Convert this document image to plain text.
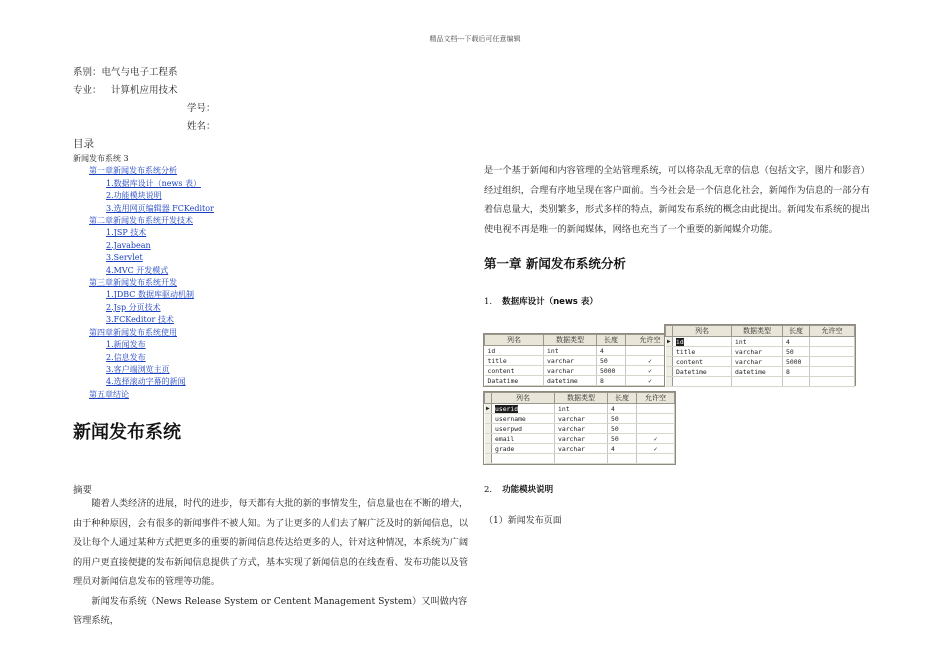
精品文档---下载后可任意编辑
系别：电气与电子工程系
专业： 计算机应用技术
学号：
姓名：
目录
新闻发布系统 3
第一章新闻发布系统分析
1.数据库设计（news 表）
2.功能模块说明
3.选用网页编辑器 FCKeditor
第二章新闻发布系统开发技术
1.JSP 技术
2.Javabean
3.Servlet
4.MVC 开发模式
第三章新闻发布系统开发
1.JDBC 数据库驱动机制
2.Jsp 分页技术
3.FCKeditor 技术
第四章新闻发布系统使用
1.新闻发布
2.信息发布
3.客户端浏览主页
4.选择滚动字幕的新闻
第五章结论
新闻发布系统
摘要

随着人类经济的进展，时代的进步，每天都有大批的新的事情发生，信息量也在不断的增大，由于种种原因，会有很多的新闻事件不被人知。为了让更多的人们去了解广泛及时的新闻信息，以及让每个人通过某种方式把更多的重要的新闻信息传达给更多的人，针对这种情况，本系统为广阔的用户更直接便捷的发布新闻信息提供了方式，基本实现了新闻信息的在线查看、发布功能以及管理员对新闻信息发布的管理等功能。

新闻发布系统（News Release System or Centent Management System）又叫做内容管理系统，

是一个基于新闻和内容管理的全站管理系统，可以将杂乱无章的信息（包括文字，图片和影音）经过组织，合理有序地呈现在客户面前。当今社会是一个信息化社会，新闻作为信息的一部分有着信息量大，类别繁多，形式多样的特点，新闻发布系统的概念由此提出。新闻发布系统的提出使电视不再是唯一的新闻媒体，网络也充当了一个重要的新闻媒介功能。

第一章 新闻发布系统分析
1. 数据库设计（news 表）
列名	数据类型	长度	允许空
id	int	4	
title	varchar	50	✓
content	varchar	5000	✓
Datatime	datetime	8	✓
	列名	数据类型	长度	允许空
▶	id	int	4	
	title	varchar	50	
	content	varchar	5000	
	Datetime	datetime	8	

	列名	数据类型	长度	允许空
▶	userid	int	4	
	username	varchar	50	
	userpwd	varchar	50	
	email	varchar	50	✓
	grade	varchar	4	✓

2. 功能模块说明
（1）新闻发布页面
